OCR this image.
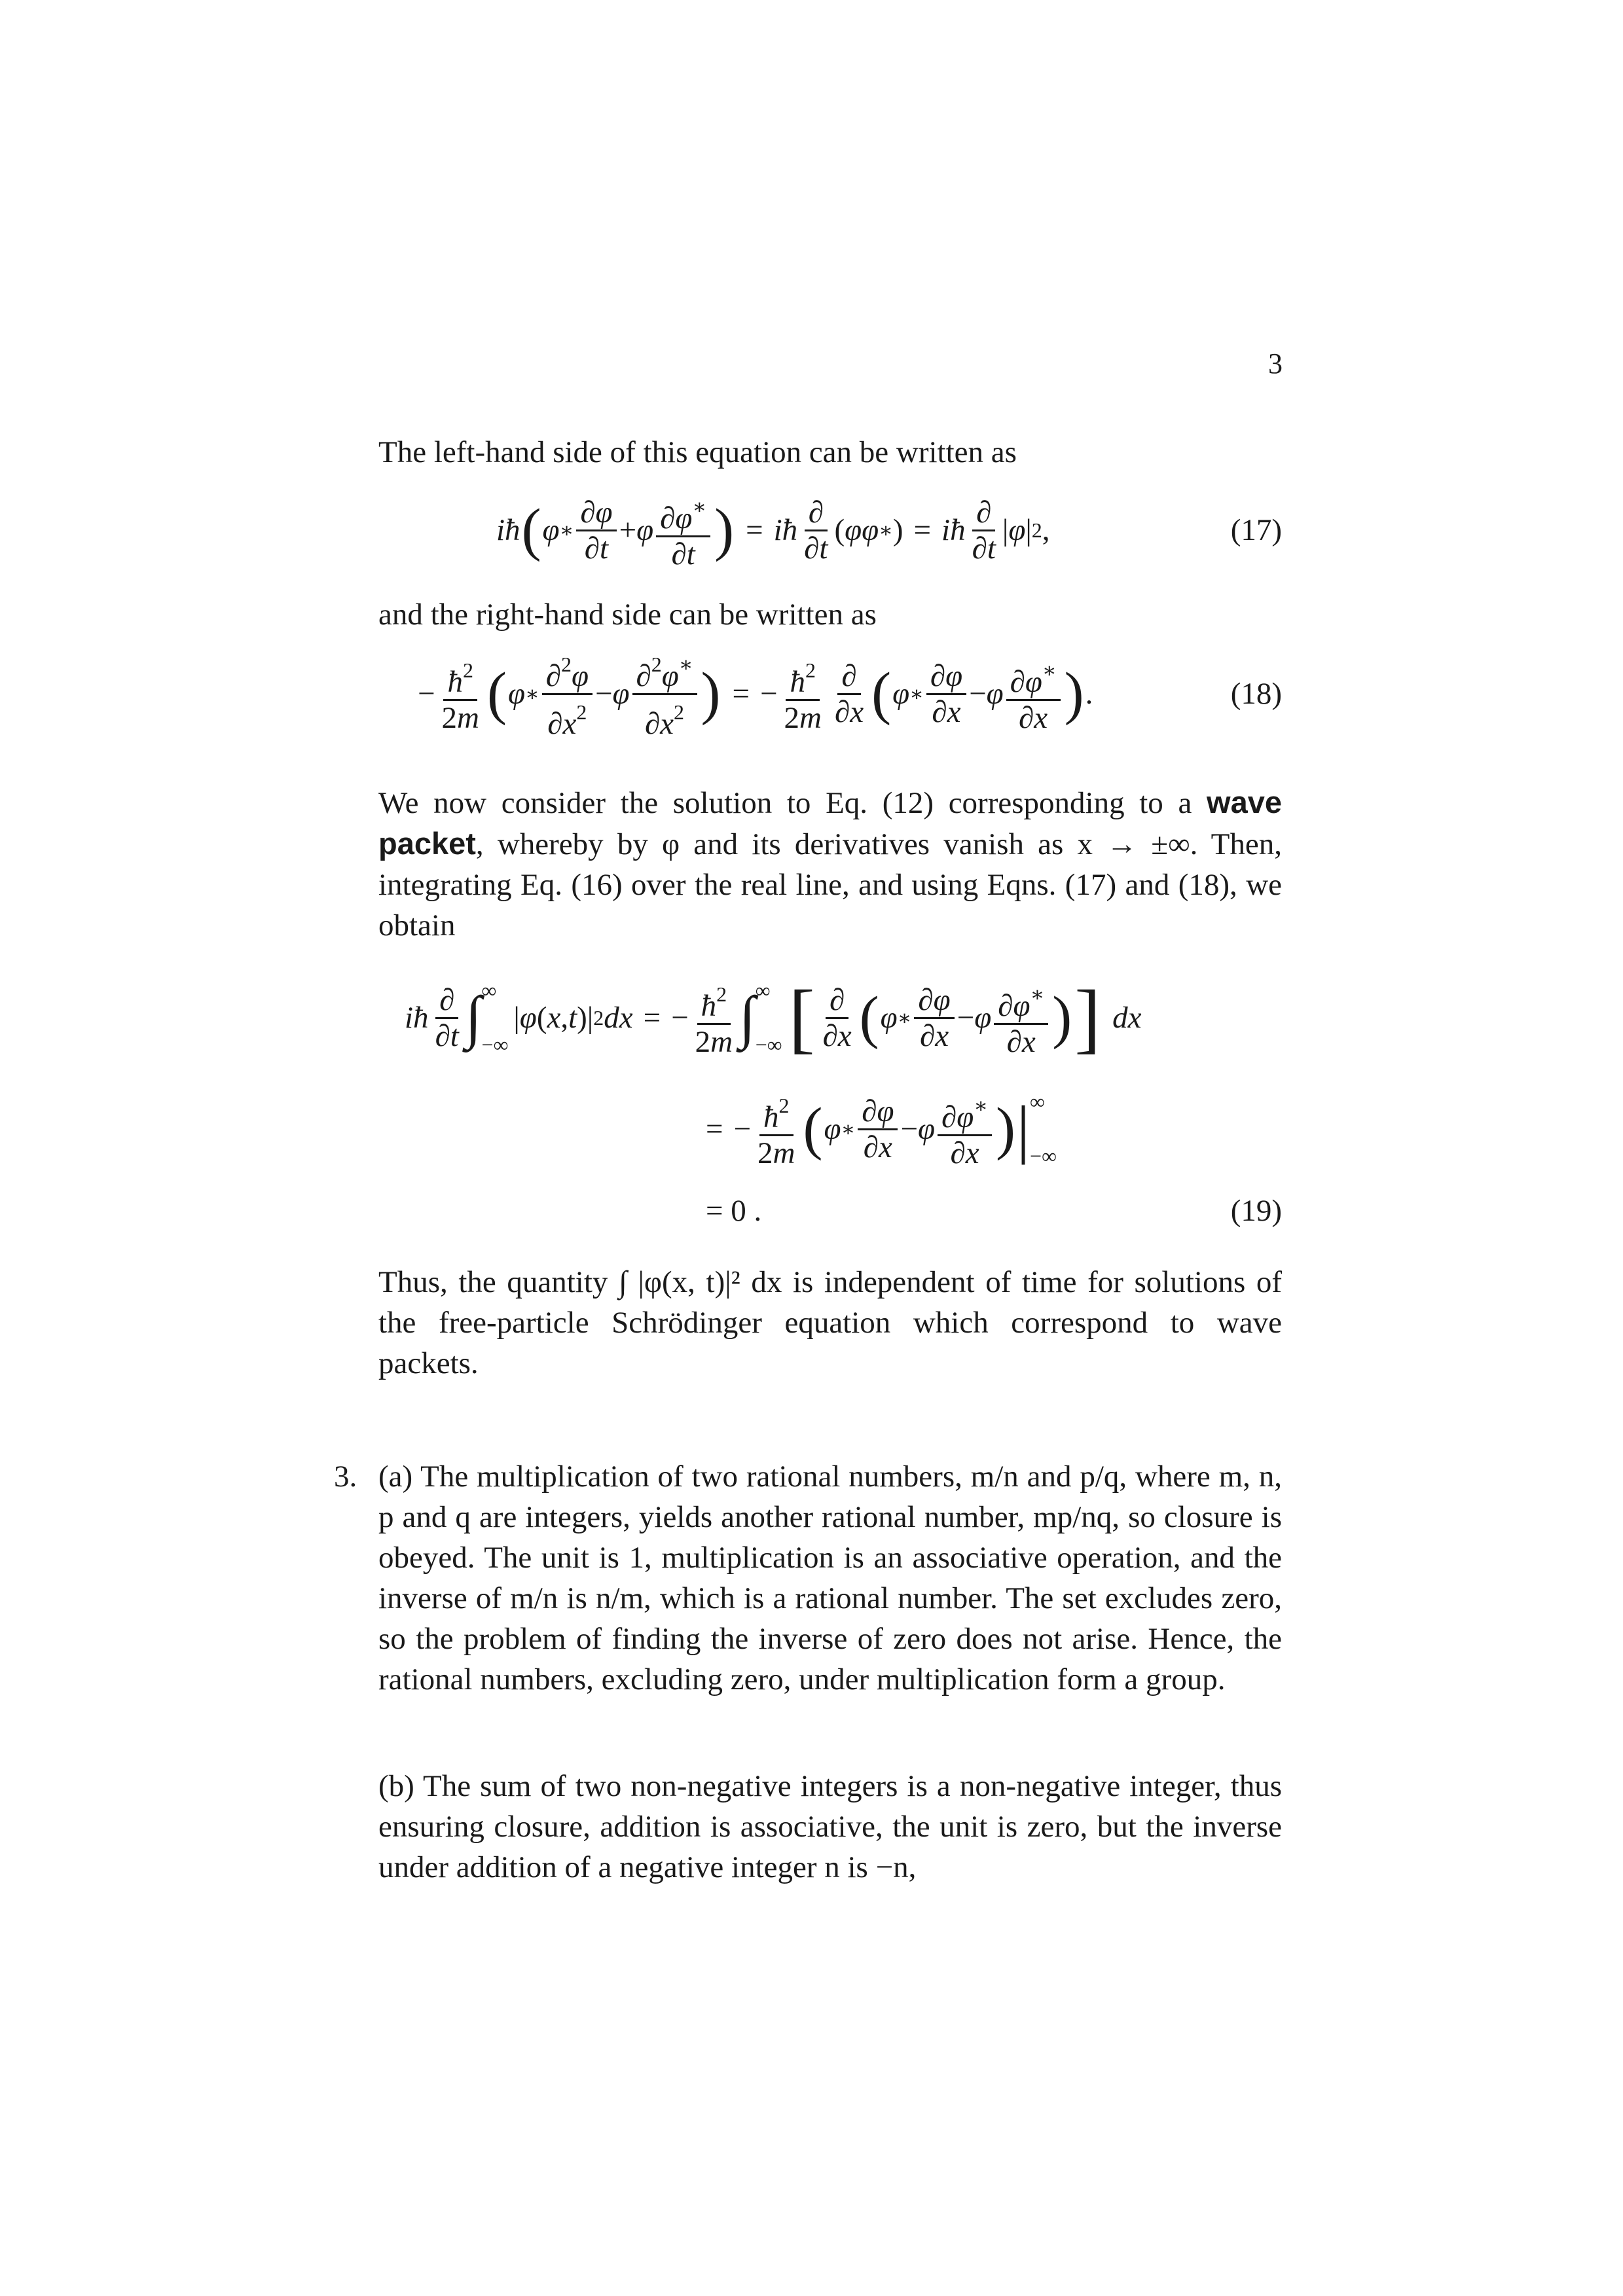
3

The left-hand side of this equation can be written as

iħ ( φ ∗ $\frac{\partial\varphi}{\partial t} + \varphi \frac{\partial\varphi^∗}{\partial t}$ ) = iħ $\frac{\partial}{\partial t}$ ( φφ ∗ ) = iħ $\frac{\partial}{\partial t}$ | φ | 2 ,	(17)

and the right-hand side can be written as

− $\frac{ħ^2}{2m}$ ( φ ∗ $\frac{\partial^2\varphi}{\partial x^2} - \varphi \frac{\partial^2\varphi^∗}{\partial x^2}$ ) = − $\frac{ħ^2}{2m} \frac{\partial}{\partial x}$ ( φ ∗ $\frac{\partial\varphi}{\partial x} - \varphi \frac{\partial\varphi^∗}{\partial x}$ ) .	(18)

We now consider the solution to Eq. (12) corresponding to a wave packet, whereby by φ and its derivatives vanish as x → ±∞. Then, integrating Eq. (16) over the real line, and using Eqns. (17) and (18), we obtain

iħ $\frac{\partial}{\partial t}$ ∫ ∞
−∞
| φ ( x , t )| 2 dx = − $\frac{ħ^2}{2m}$ ∫ ∞
−∞ [ $\frac{\partial}{\partial x}$ ( φ ∗ $\frac{\partial\varphi}{\partial x} - \varphi \frac{\partial\varphi^∗}{\partial x}$ ) ] dx
= − $\frac{ħ^2}{2m}$ ( φ ∗ $\frac{\partial\varphi}{\partial x} - \varphi \frac{\partial\varphi^∗}{\partial x}$ ) | ∞
−∞
= 0 .	(19)

Thus, the quantity ∫ |φ(x, t)|² dx is independent of time for solutions of the free-particle Schrödinger equation which correspond to wave packets.

3. (a) The multiplication of two rational numbers, m/n and p/q, where m, n, p and q are integers, yields another rational number, mp/nq, so closure is obeyed. The unit is 1, multiplication is an associative operation, and the inverse of m/n is n/m, which is a rational number. The set excludes zero, so the problem of finding the inverse of zero does not arise. Hence, the rational numbers, excluding zero, under multiplication form a group.

(b) The sum of two non-negative integers is a non-negative integer, thus ensuring closure, addition is associative, the unit is zero, but the inverse under addition of a negative integer n is −n,
